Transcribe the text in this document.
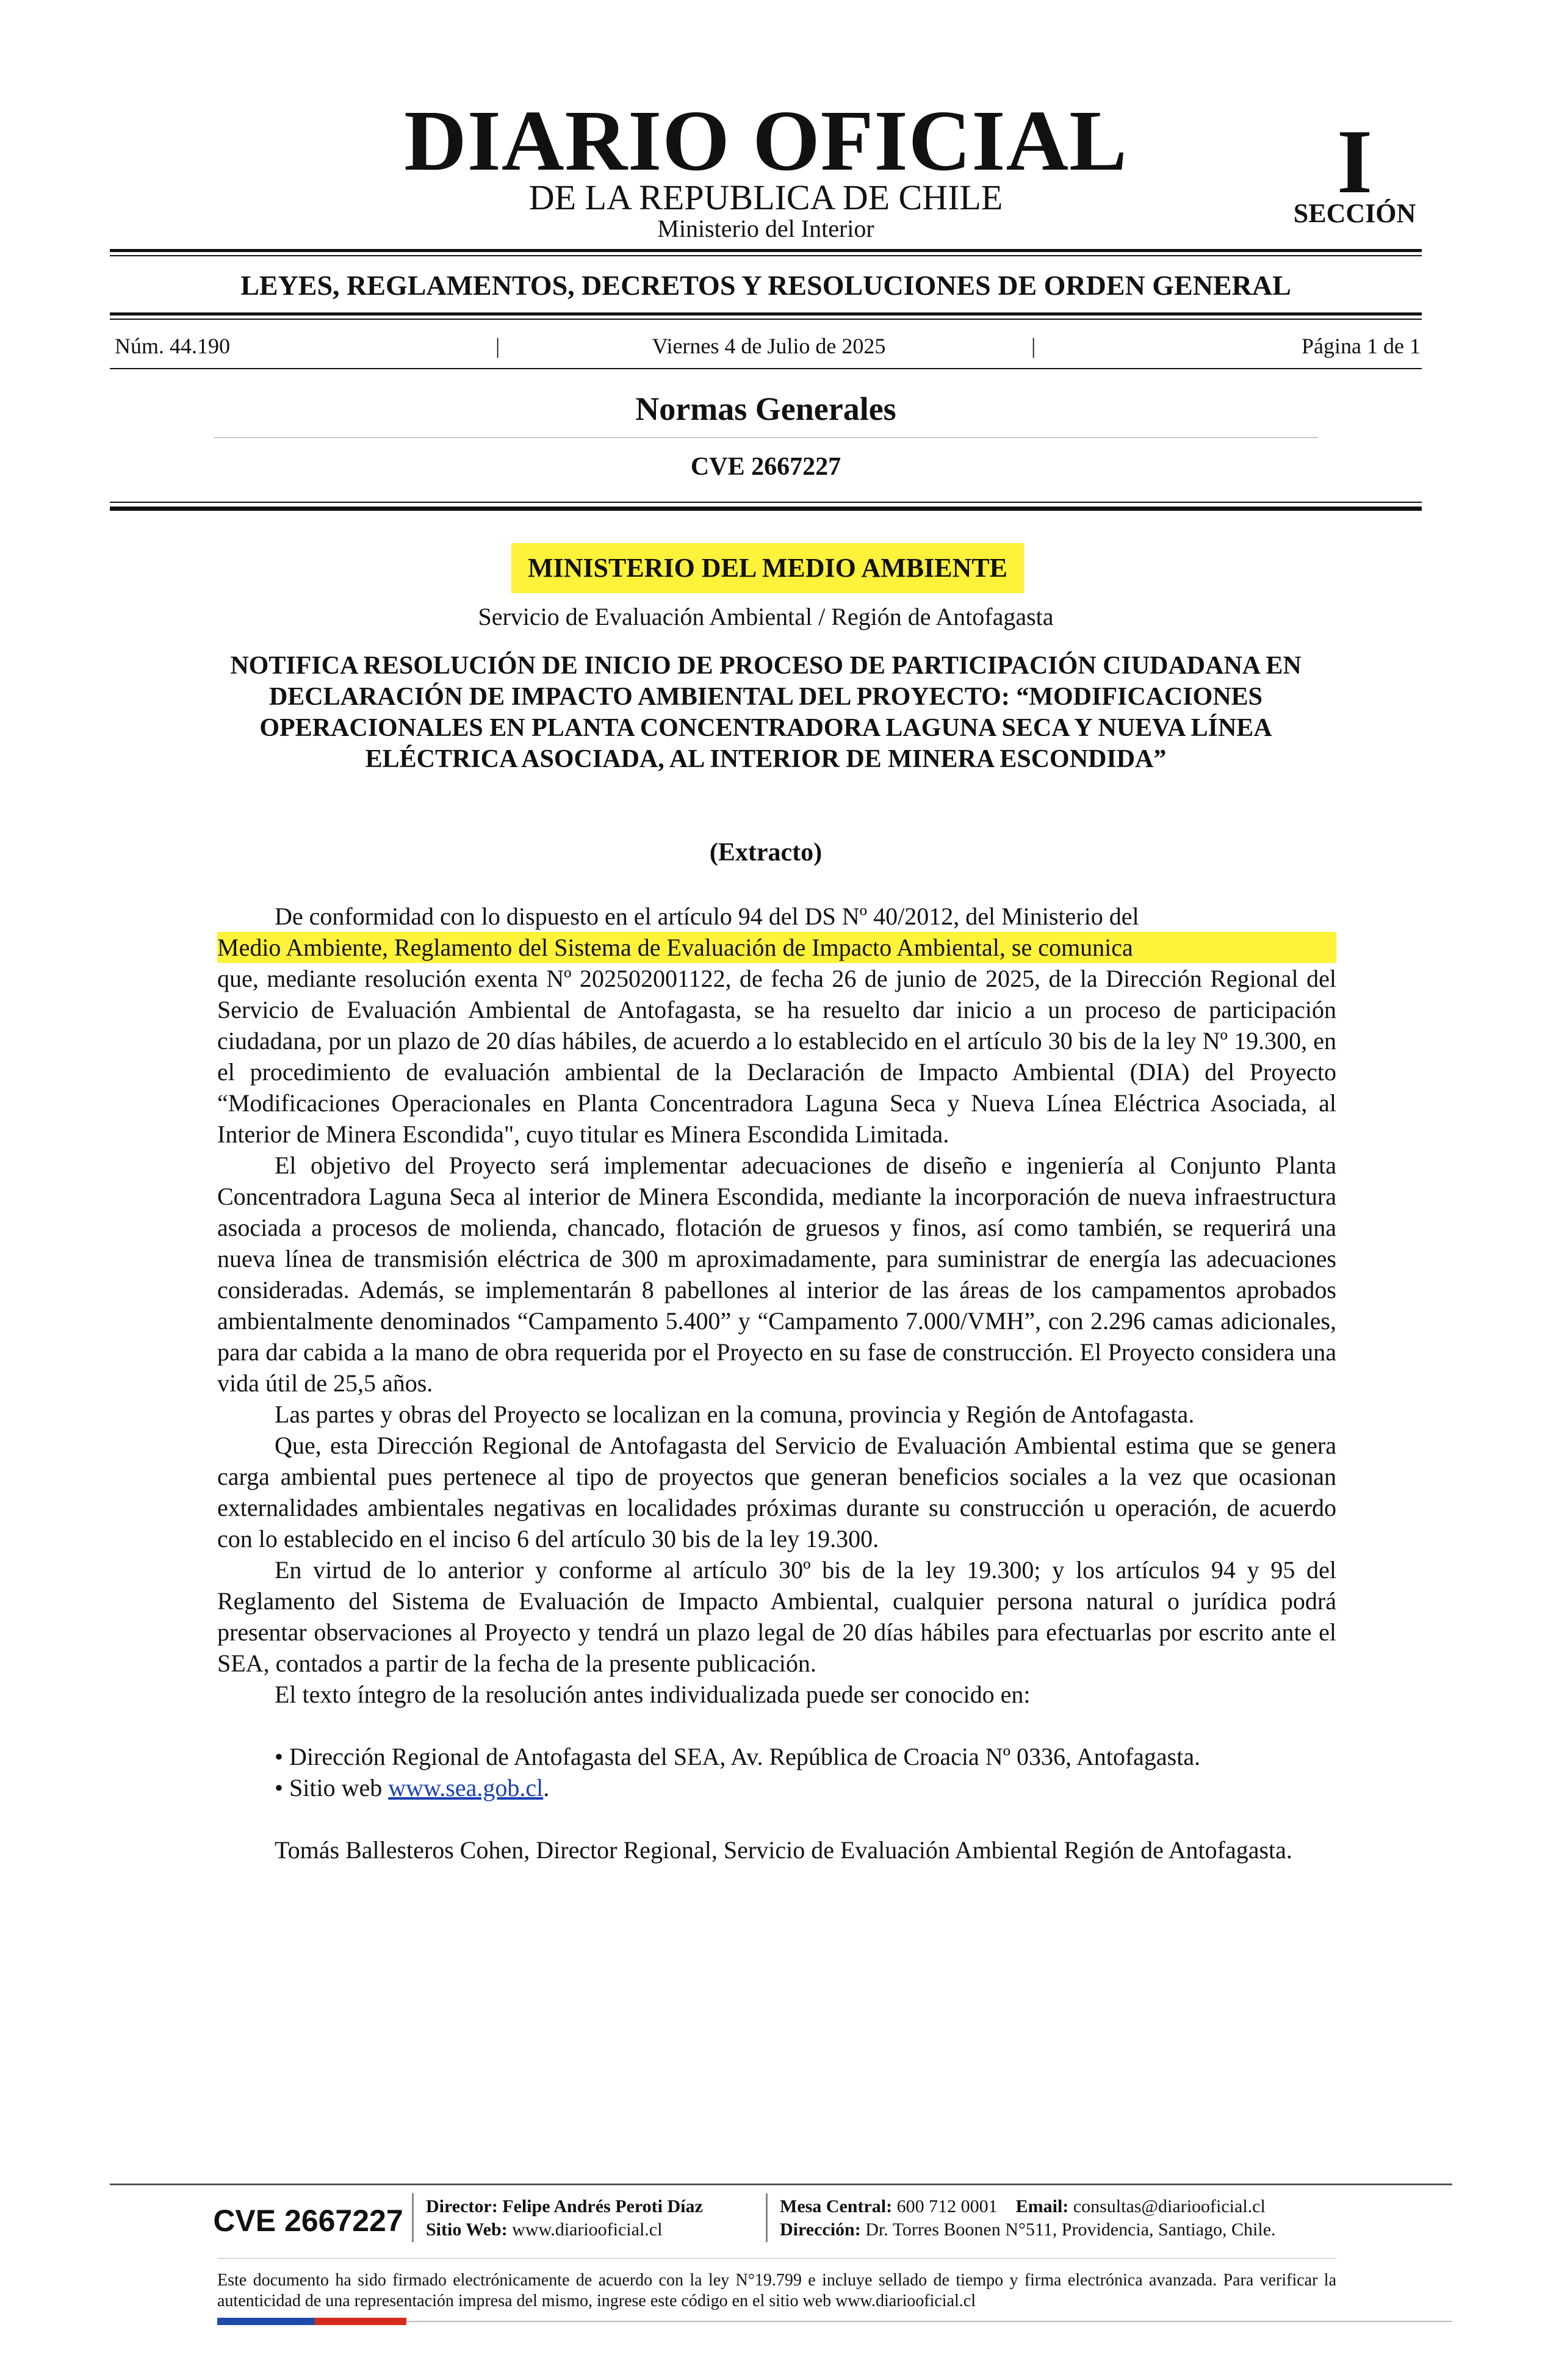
DIARIO OFICIAL
DE LA REPUBLICA DE CHILE
Ministerio del Interior
I
SECCIÓN
LEYES, REGLAMENTOS, DECRETOS Y RESOLUCIONES DE ORDEN GENERAL
Núm. 44.190	|	Viernes 4 de Julio de 2025	|	Página 1 de 1
Normas Generales
CVE 2667227
MINISTERIO DEL MEDIO AMBIENTE
Servicio de Evaluación Ambiental / Región de Antofagasta
NOTIFICA RESOLUCIÓN DE INICIO DE PROCESO DE PARTICIPACIÓN CIUDADANA EN DECLARACIÓN DE IMPACTO AMBIENTAL DEL PROYECTO: “MODIFICACIONES OPERACIONALES EN PLANTA CONCENTRADORA LAGUNA SECA Y NUEVA LÍNEA ELÉCTRICA ASOCIADA, AL INTERIOR DE MINERA ESCONDIDA”
(Extracto)

De conformidad con lo dispuesto en el artículo 94 del DS Nº 40/2012, del Ministerio del
Medio Ambiente, Reglamento del Sistema de Evaluación de Impacto Ambiental, se comunica
que, mediante resolución exenta Nº 202502001122, de fecha 26 de junio de 2025, de la Dirección Regional del Servicio de Evaluación Ambiental de Antofagasta, se ha resuelto dar inicio a un proceso de participación ciudadana, por un plazo de 20 días hábiles, de acuerdo a lo establecido en el artículo 30 bis de la ley Nº 19.300, en el procedimiento de evaluación ambiental de la Declaración de Impacto Ambiental (DIA) del Proyecto “Modificaciones Operacionales en Planta Concentradora Laguna Seca y Nueva Línea Eléctrica Asociada, al Interior de Minera Escondida", cuyo titular es Minera Escondida Limitada.

El objetivo del Proyecto será implementar adecuaciones de diseño e ingeniería al Conjunto Planta Concentradora Laguna Seca al interior de Minera Escondida, mediante la incorporación de nueva infraestructura asociada a procesos de molienda, chancado, flotación de gruesos y finos, así como también, se requerirá una nueva línea de transmisión eléctrica de 300 m aproximadamente, para suministrar de energía las adecuaciones consideradas. Además, se implementarán 8 pabellones al interior de las áreas de los campamentos aprobados ambientalmente denominados “Campamento 5.400” y “Campamento 7.000/VMH”, con 2.296 camas adicionales, para dar cabida a la mano de obra requerida por el Proyecto en su fase de construcción. El Proyecto considera una vida útil de 25,5 años.

Las partes y obras del Proyecto se localizan en la comuna, provincia y Región de Antofagasta.

Que, esta Dirección Regional de Antofagasta del Servicio de Evaluación Ambiental estima que se genera carga ambiental pues pertenece al tipo de proyectos que generan beneficios sociales a la vez que ocasionan externalidades ambientales negativas en localidades próximas durante su construcción u operación, de acuerdo con lo establecido en el inciso 6 del artículo 30 bis de la ley 19.300.

En virtud de lo anterior y conforme al artículo 30º bis de la ley 19.300; y los artículos 94 y 95 del Reglamento del Sistema de Evaluación de Impacto Ambiental, cualquier persona natural o jurídica podrá presentar observaciones al Proyecto y tendrá un plazo legal de 20 días hábiles para efectuarlas por escrito ante el SEA, contados a partir de la fecha de la presente publicación.

El texto íntegro de la resolución antes individualizada puede ser conocido en:

• Dirección Regional de Antofagasta del SEA, Av. República de Croacia Nº 0336, Antofagasta.

• Sitio web www.sea.gob.cl.

Tomás Ballesteros Cohen, Director Regional, Servicio de Evaluación Ambiental Región de Antofagasta.

CVE 2667227	Director: Felipe Andrés Peroti Díaz
Sitio Web: www.diariooficial.cl
Mesa Central: 600 712 0001 Email: consultas@diariooficial.cl
Dirección: Dr. Torres Boonen N°511, Providencia, Santiago, Chile.
Este documento ha sido firmado electrónicamente de acuerdo con la ley N°19.799 e incluye sellado de tiempo y firma electrónica avanzada. Para verificar la autenticidad de una representación impresa del mismo, ingrese este código en el sitio web www.diariooficial.cl
